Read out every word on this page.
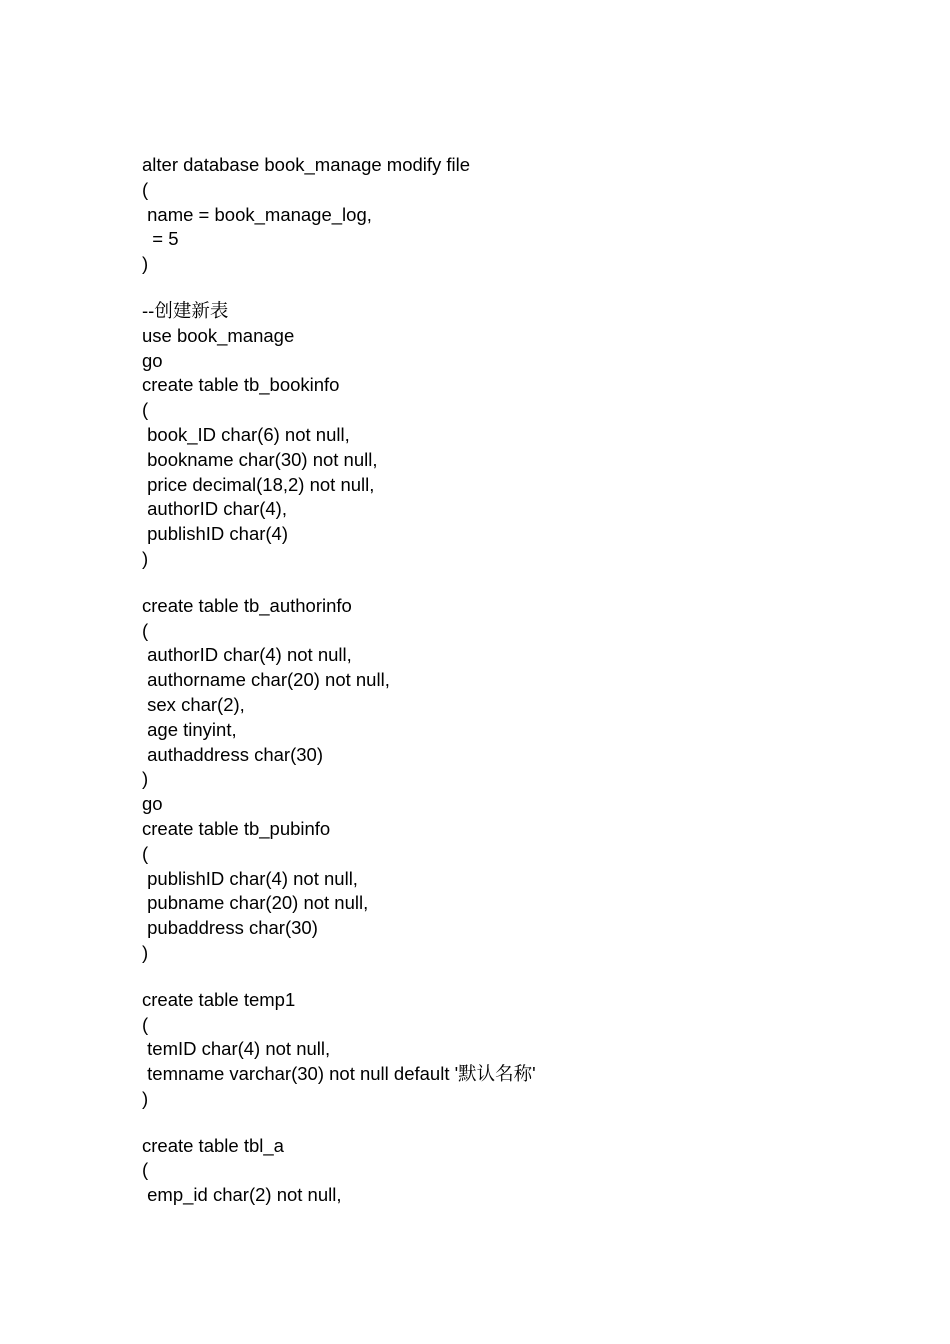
alter database book_manage modify file
(
name = book_manage_log,
= 5
)
--创建新表
use book_manage
go
create table tb_bookinfo
(
book_ID char(6) not null,
bookname char(30) not null,
price decimal(18,2) not null,
authorID char(4),
publishID char(4)
)
create table tb_authorinfo
(
authorID char(4) not null,
authorname char(20) not null,
sex char(2),
age tinyint,
authaddress char(30)
)
go
create table tb_pubinfo
(
publishID char(4) not null,
pubname char(20) not null,
pubaddress char(30)
)
create table temp1
(
temID char(4) not null,
temname varchar(30) not null default '默认名称'
)
create table tbl_a
(
emp_id char(2) not null,
